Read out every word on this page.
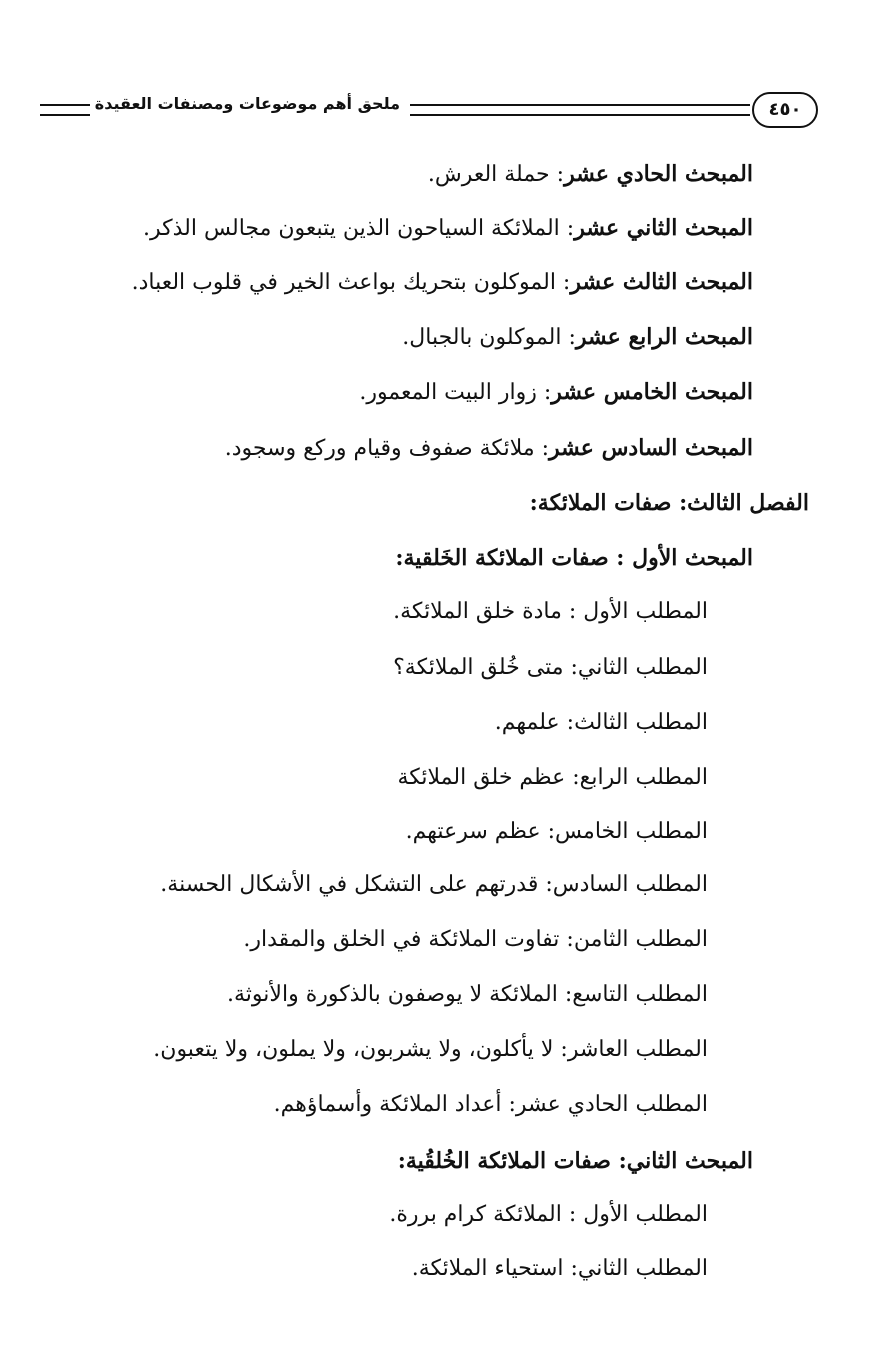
ملحق أهم موضوعات ومصنفات العقيدة	٤٥٠
المبحث الحادي عشر: حملة العرش.
المبحث الثاني عشر: الملائكة السياحون الذين يتبعون مجالس الذكر.
المبحث الثالث عشر: الموكلون بتحريك بواعث الخير في قلوب العباد.
المبحث الرابع عشر: الموكلون بالجبال.
المبحث الخامس عشر: زوار البيت المعمور.
المبحث السادس عشر: ملائكة صفوف وقيام وركع وسجود.
الفصل الثالث: صفات الملائكة:
المبحث الأول : صفات الملائكة الخَلقية:
المطلب الأول : مادة خلق الملائكة.
المطلب الثاني: متى خُلق الملائكة؟
المطلب الثالث: علمهم.
المطلب الرابع: عظم خلق الملائكة
المطلب الخامس: عظم سرعتهم.
المطلب السادس: قدرتهم على التشكل في الأشكال الحسنة.
المطلب الثامن: تفاوت الملائكة في الخلق والمقدار.
المطلب التاسع: الملائكة لا يوصفون بالذكورة والأنوثة.
المطلب العاشر: لا يأكلون، ولا يشربون، ولا يملون، ولا يتعبون.
المطلب الحادي عشر: أعداد الملائكة وأسماؤهم.
المبحث الثاني: صفات الملائكة الخُلقُية:
المطلب الأول : الملائكة كرام بررة.
المطلب الثاني: استحياء الملائكة.
